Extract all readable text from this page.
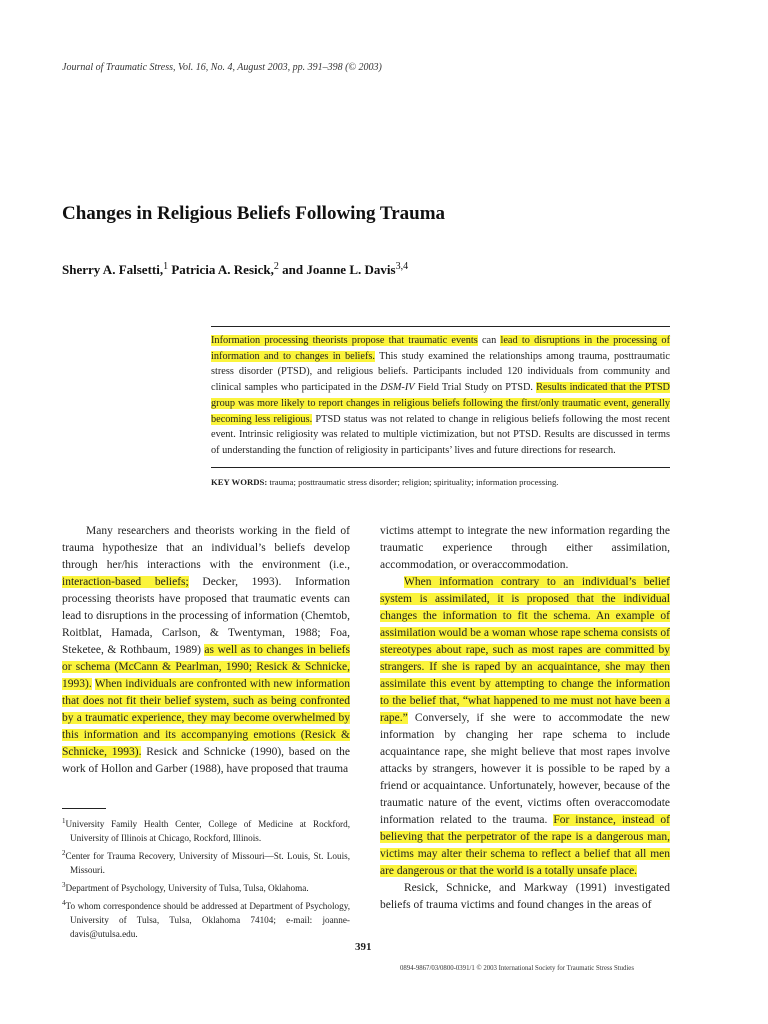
Journal of Traumatic Stress, Vol. 16, No. 4, August 2003, pp. 391–398 (© 2003)
Changes in Religious Beliefs Following Trauma
Sherry A. Falsetti,$^1$ Patricia A. Resick,$^2$ and Joanne L. Davis$^{3,4}$

Information processing theorists propose that traumatic events can lead to disruptions in the processing of information and to changes in beliefs. This study examined the relationships among trauma, posttraumatic stress disorder (PTSD), and religious beliefs. Participants included 120 individuals from community and clinical samples who participated in the DSM-IV Field Trial Study on PTSD. Results indicated that the PTSD group was more likely to report changes in religious beliefs following the first/only traumatic event, generally becoming less religious. PTSD status was not related to change in religious beliefs following the most recent event. Intrinsic religiosity was related to multiple victimization, but not PTSD. Results are discussed in terms of understanding the function of religiosity in participants’ lives and future directions for research.

KEY WORDS: trauma; posttraumatic stress disorder; religion; spirituality; information processing.

Many researchers and theorists working in the field of trauma hypothesize that an individual’s beliefs develop through her/his interactions with the environment (i.e., interaction-based beliefs; Decker, 1993). Information processing theorists have proposed that traumatic events can lead to disruptions in the processing of information (Chemtob, Roitblat, Hamada, Carlson, & Twentyman, 1988; Foa, Steketee, & Rothbaum, 1989) as well as to changes in beliefs or schema (McCann & Pearlman, 1990; Resick & Schnicke, 1993). When individuals are confronted with new information that does not fit their belief system, such as being confronted by a traumatic experience, they may become overwhelmed by this information and its accompanying emotions (Resick & Schnicke, 1993). Resick and Schnicke (1990), based on the work of Hollon and Garber (1988), have proposed that trauma

victims attempt to integrate the new information regarding the traumatic experience through either assimilation, accommodation, or overaccommodation.

When information contrary to an individual’s belief system is assimilated, it is proposed that the individual changes the information to fit the schema. An example of assimilation would be a woman whose rape schema consists of stereotypes about rape, such as most rapes are committed by strangers. If she is raped by an acquaintance, she may then assimilate this event by attempting to change the information to the belief that, “what happened to me must not have been a rape.” Conversely, if she were to accommodate the new information by changing her rape schema to include acquaintance rape, she might believe that most rapes involve attacks by strangers, however it is possible to be raped by a friend or acquaintance. Unfortunately, however, because of the traumatic nature of the event, victims often overaccomodate information related to the trauma. For instance, instead of believing that the perpetrator of the rape is a dangerous man, victims may alter their schema to reflect a belief that all men are dangerous or that the world is a totally unsafe place.

Resick, Schnicke, and Markway (1991) investigated beliefs of trauma victims and found changes in the areas of

$^1$University Family Health Center, College of Medicine at Rockford, University of Illinois at Chicago, Rockford, Illinois.

$^2$Center for Trauma Recovery, University of Missouri—St. Louis, St. Louis, Missouri.

$^3$Department of Psychology, University of Tulsa, Tulsa, Oklahoma.

$^4$To whom correspondence should be addressed at Department of Psychology, University of Tulsa, Tulsa, Oklahoma 74104; e-mail: joanne-davis@utulsa.edu.

391
0894-9867/03/0800-0391/1 © 2003 International Society for Traumatic Stress Studies
